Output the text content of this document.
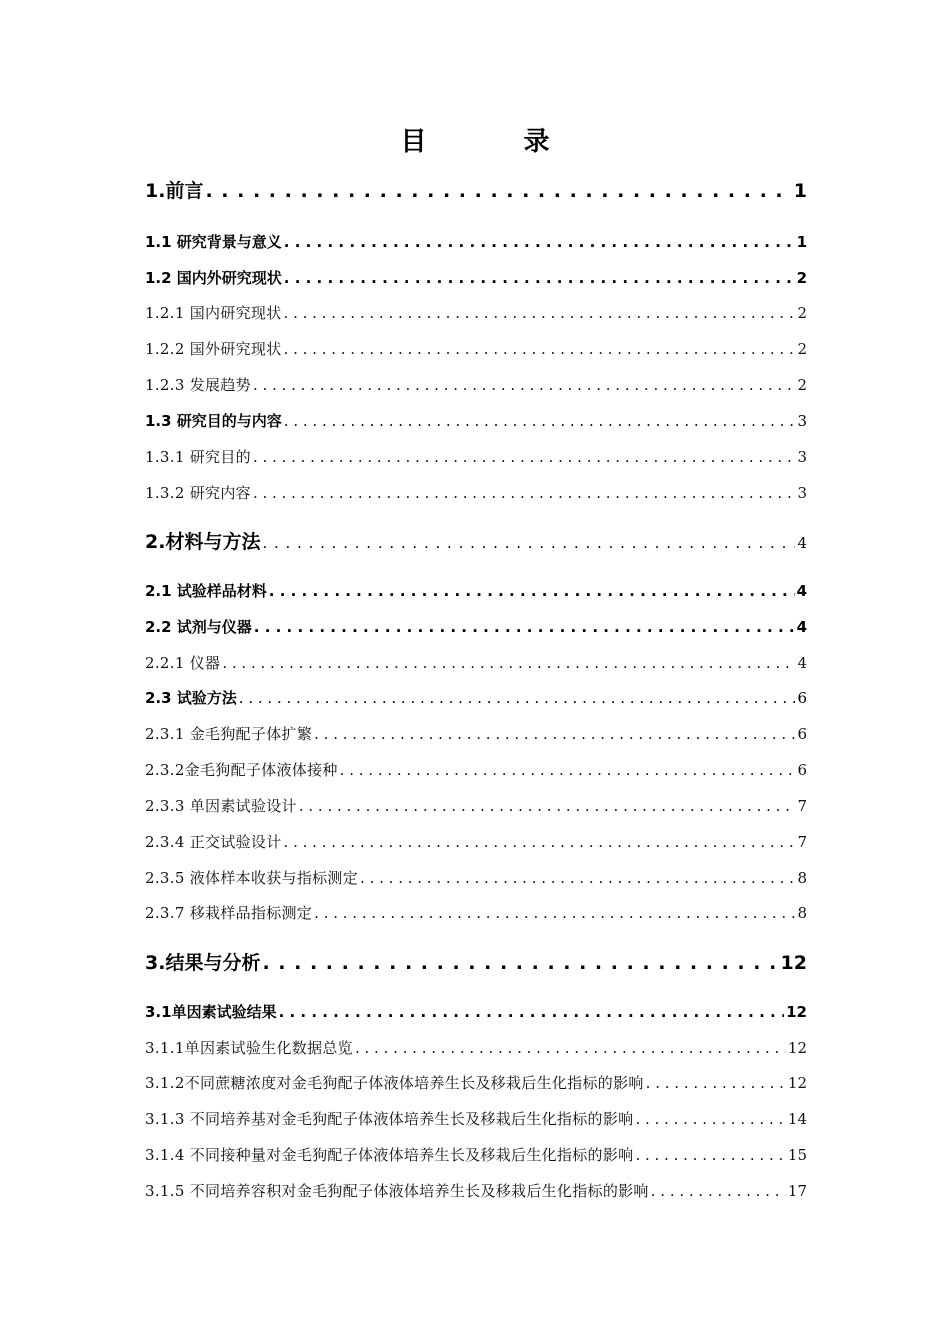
目 录
1.前言 . . .	1
1.1 研究背景与意义 . . .	1
1.2 国内外研究现状 . . .	2
1.2.1 国内研究现状 . . .	2
1.2.2 国外研究现状 . . .	2
1.2.3 发展趋势 . . .	2
1.3 研究目的与内容 . . .	3
1.3.1 研究目的 . . .	3
1.3.2 研究内容 . . .	3
2.材料与方法 . . .	4
2.1 试验样品材料 . . .	4
2.2 试剂与仪器 . . .	4
2.2.1 仪器 . . .	4
2.3 试验方法 . . .	6
2.3.1 金毛狗配子体扩繁 . . .	6
2.3.2金毛狗配子体液体接种 . . .	6
2.3.3 单因素试验设计 . . .	7
2.3.4 正交试验设计 . . .	7
2.3.5 液体样本收获与指标测定 . . .	8
2.3.7 移栽样品指标测定 . . .	8
3.结果与分析 . . .	12
3.1单因素试验结果 . . .	12
3.1.1单因素试验生化数据总览 . . .	12
3.1.2不同蔗糖浓度对金毛狗配子体液体培养生长及移栽后生化指标的影响 . . .	12
3.1.3 不同培养基对金毛狗配子体液体培养生长及移栽后生化指标的影响 . . .	14
3.1.4 不同接种量对金毛狗配子体液体培养生长及移栽后生化指标的影响 . . .	15
3.1.5 不同培养容积对金毛狗配子体液体培养生长及移栽后生化指标的影响 . . .	17
